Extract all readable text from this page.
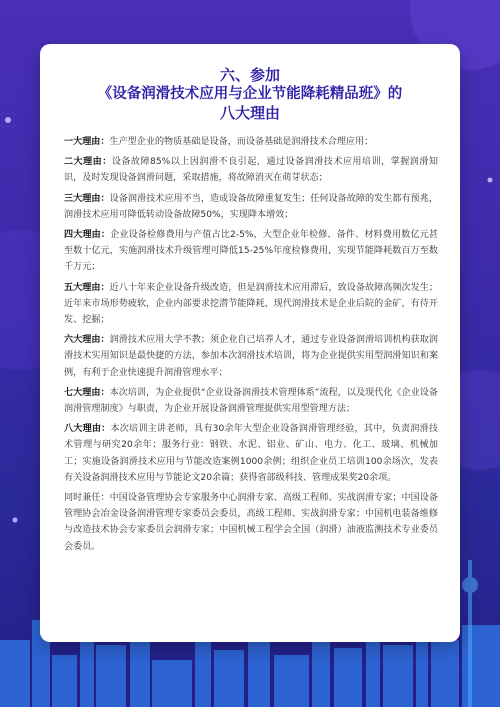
六、参加
《设备润滑技术应用与企业节能降耗精品班》的
八大理由

一大理由：生产型企业的物质基础是设备，而设备基础是润滑技术合理应用；

二大理由：设备故障85%以上因润滑不良引起，通过设备润滑技术应用培训，掌握润滑知识，及时发现设备润滑问题，采取措施，将故障消灭在萌芽状态；

三大理由：设备润滑技术应用不当，造成设备故障重复发生；任何设备故障的发生都有预兆，润滑技术应用可降低转动设备故障50%，实现降本增效；

四大理由：企业设备检修费用与产值占比2-5%，大型企业年检修、备件、材料费用数亿元甚至数十亿元，实施润滑技术升级管理可降低15-25%年度检修费用，实现节能降耗数百万至数千万元；

五大理由：近八十年来企业设备升级改造，但是润滑技术应用滞后，致设备故障高频次发生；近年来市场形势疲软，企业内部要求挖潜节能降耗，现代润滑技术是企业后院的金矿，有待开发、挖掘；

六大理由：润滑技术应用大学不教；须企业自己培养人才，通过专业设备润滑培训机构获取润滑技术实用知识是最快捷的方法，参加本次润滑技术培训，将为企业提供实用型润滑知识和案例，有利于企业快速提升润滑管理水平；

七大理由：本次培训，为企业提供“企业设备润滑技术管理体系”流程，以及现代化《企业设备润滑管理制度》与职责，为企业开展设备润滑管理提供实用型管理方法；

八大理由：本次培训主讲老师，具有30余年大型企业设备润滑管理经验，其中，负责润滑技术管理与研究20余年；服务行业：钢铁、水泥、铝业、矿山、电力、化工、玻璃、机械加工；实施设备润滑技术应用与节能改造案例1000余例；组织企业员工培训100余场次，发表有关设备润滑技术应用与节能论文20余篇；获得省部级科技、管理成果奖20余项。

同时兼任：中国设备管理协会专家服务中心润滑专家、高级工程师、实战润滑专家；中国设备管理协会冶金设备润滑管理专家委员会委员，高级工程师、实战润滑专家；中国机电装备维修与改造技术协会专家委员会润滑专家；中国机械工程学会全国（润滑）油液监测技术专业委员会委员。
